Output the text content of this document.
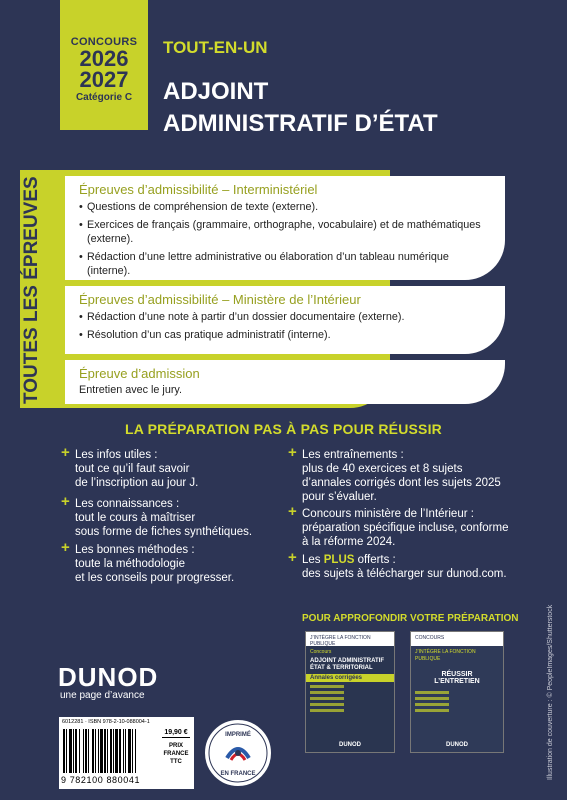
CONCOURS
2026
2027
Catégorie C
TOUT-EN-UN
ADJOINT
ADMINISTRATIF D’ÉTAT
TOUTES LES ÉPREUVES	Épreuves d’admissibilité – Interministériel
• Questions de compréhension de texte (externe).
• Exercices de français (grammaire, orthographe, vocabulaire) et de mathématiques (externe).
• Rédaction d’une lettre administrative ou élaboration d’un tableau numérique (interne).
Épreuves d’admissibilité – Ministère de l’Intérieur
• Rédaction d’une note à partir d’un dossier documentaire (externe).
• Résolution d’un cas pratique administratif (interne).
Épreuve d’admission
Entretien avec le jury.
LA PRÉPARATION PAS À PAS POUR RÉUSSIR
+ Les infos utiles :
tout ce qu’il faut savoir
de l’inscription au jour J.
+ Les connaissances :
tout le cours à maîtriser
sous forme de fiches synthétiques.
+ Les bonnes méthodes :
toute la méthodologie
et les conseils pour progresser.
+ Les entraînements :
plus de 40 exercices et 8 sujets
d’annales corrigés dont les sujets 2025
pour s’évaluer.
+ Concours ministère de l’Intérieur :
préparation spécifique incluse, conforme
à la réforme 2024.
+ Les PLUS offerts :
des sujets à télécharger sur dunod.com.
POUR APPROFONDIR VOTRE PRÉPARATION
J’INTÈGRE LA FONCTION PUBLIQUE
Concours
ADJOINT ADMINISTRATIF
ÉTAT & TERRITORIAL
Annales corrigées
DUNOD
CONCOURS
J’INTÈGRE LA FONCTION PUBLIQUE
RÉUSSIR
L’ENTRETIEN
DUNOD
DUNOD
une page d’avance
6012281 · ISBN 978-2-10-088004-1
9 782100 880041
19,90 €
PRIX
FRANCE
TTC
IMPRIMÉ
EN FRANCE	Illustration de couverture : © PeopleImages/Shutterstock
